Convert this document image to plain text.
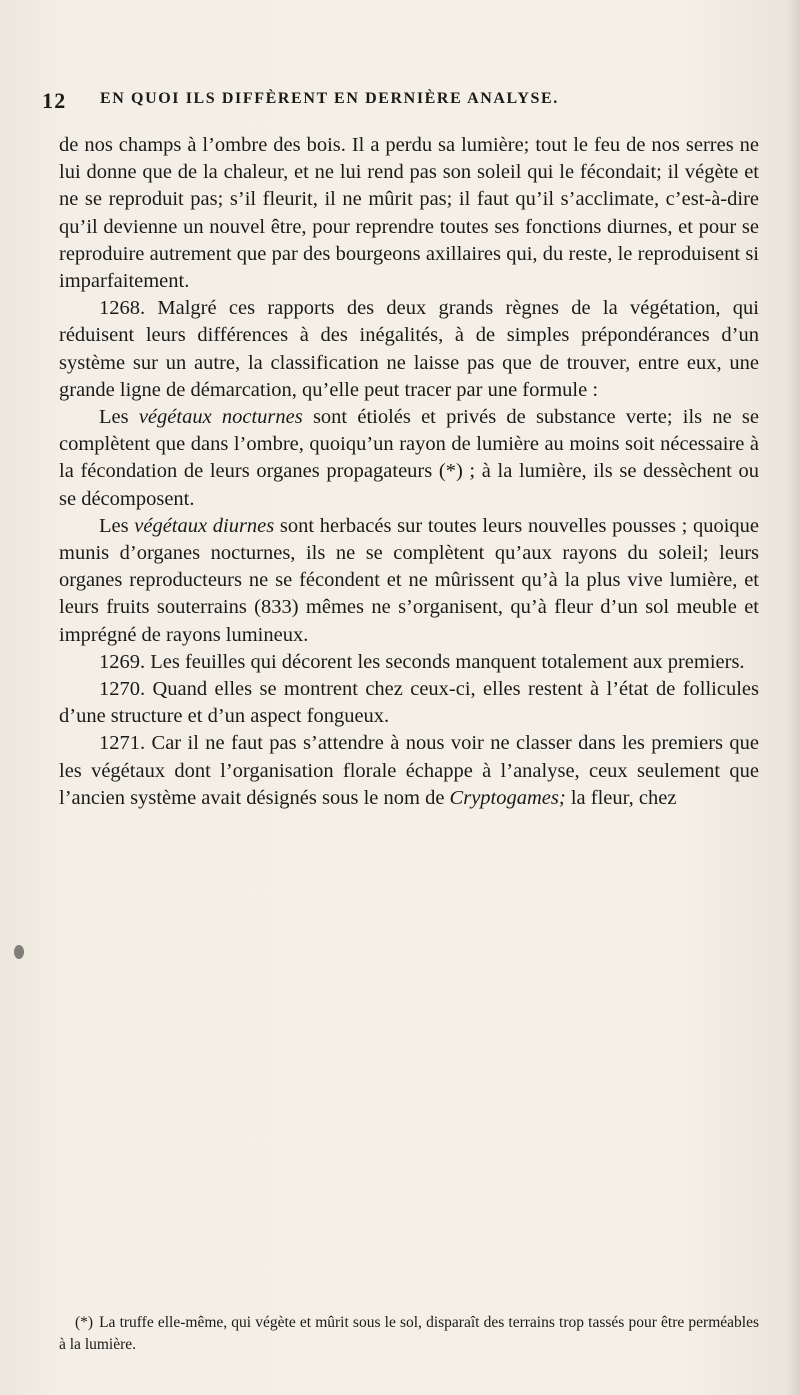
12 EN QUOI ILS DIFFÈRENT EN DERNIÈRE ANALYSE.

de nos champs à l’ombre des bois. Il a perdu sa lumière; tout le feu de nos serres ne lui donne que de la chaleur, et ne lui rend pas son soleil qui le fécondait; il végète et ne se reproduit pas; s’il fleurit, il ne mûrit pas; il faut qu’il s’acclimate, c’est-à-dire qu’il devienne un nouvel être, pour reprendre toutes ses fonctions diurnes, et pour se reproduire autrement que par des bourgeons axillaires qui, du reste, le reproduisent si imparfaitement.

1268. Malgré ces rapports des deux grands règnes de la végétation, qui réduisent leurs différences à des inégalités, à de simples prépondérances d’un système sur un autre, la classification ne laisse pas que de trouver, entre eux, une grande ligne de démarcation, qu’elle peut tracer par une formule :

Les végétaux nocturnes sont étiolés et privés de substance verte; ils ne se complètent que dans l’ombre, quoiqu’un rayon de lumière au moins soit nécessaire à la fécondation de leurs organes propagateurs (*) ; à la lumière, ils se dessèchent ou se décomposent.

Les végétaux diurnes sont herbacés sur toutes leurs nouvelles pousses ; quoique munis d’organes nocturnes, ils ne se complètent qu’aux rayons du soleil; leurs organes reproducteurs ne se fécondent et ne mûrissent qu’à la plus vive lumière, et leurs fruits souterrains (833) mêmes ne s’organisent, qu’à fleur d’un sol meuble et imprégné de rayons lumineux.

1269. Les feuilles qui décorent les seconds manquent totalement aux premiers.

1270. Quand elles se montrent chez ceux-ci, elles restent à l’état de follicules d’une structure et d’un aspect fongueux.

1271. Car il ne faut pas s’attendre à nous voir ne classer dans les premiers que les végétaux dont l’organisation florale échappe à l’analyse, ceux seulement que l’ancien système avait désignés sous le nom de Cryptogames; la fleur, chez

(*) La truffe elle-même, qui végète et mûrit sous le sol, disparaît des terrains trop tassés pour être perméables à la lumière.
